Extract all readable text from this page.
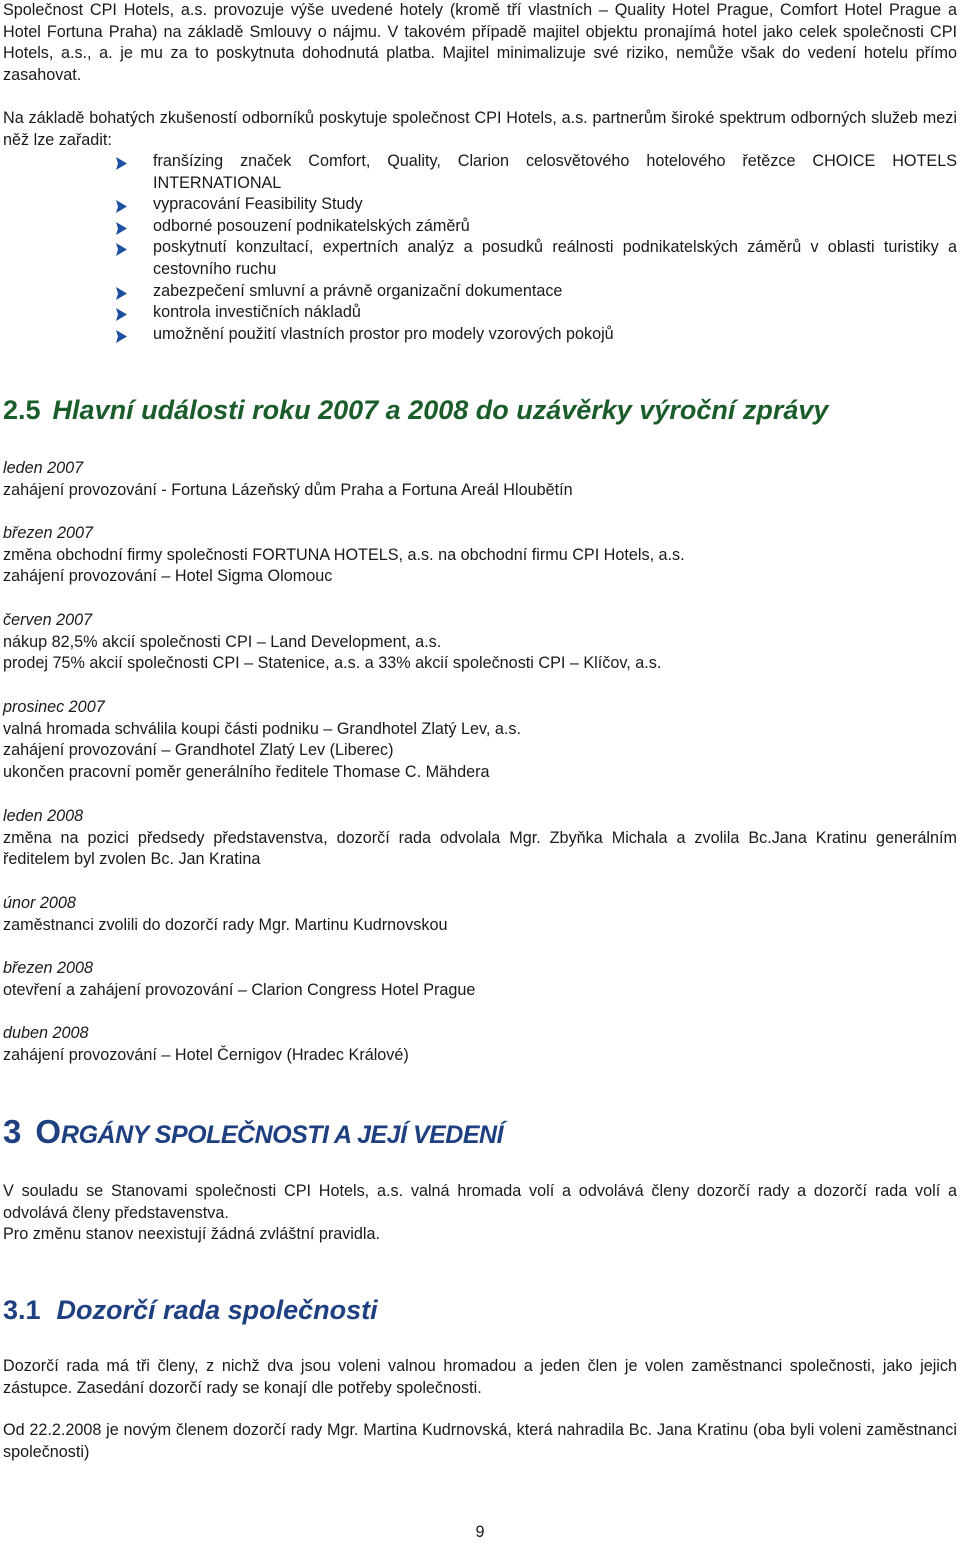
Společnost CPI Hotels, a.s. provozuje výše uvedené hotely (kromě tří vlastních – Quality Hotel Prague, Comfort Hotel Prague a Hotel Fortuna Praha) na základě Smlouvy o nájmu. V takovém případě majitel objektu pronajímá hotel jako celek společnosti CPI Hotels, a.s., a. je mu za to poskytnuta dohodnutá platba. Majitel minimalizuje své riziko, nemůže však do vedení hotelu přímo zasahovat.

Na základě bohatých zkušeností odborníků poskytuje společnost CPI Hotels, a.s. partnerům široké spektrum odborných služeb mezi něž lze zařadit:

franšízing značek Comfort, Quality, Clarion celosvětového hotelového řetězce CHOICE HOTELS INTERNATIONAL
vypracování Feasibility Study
odborné posouzení podnikatelských záměrů
poskytnutí konzultací, expertních analýz a posudků reálnosti podnikatelských záměrů v oblasti turistiky a cestovního ruchu
zabezpečení smluvní a právně organizační dokumentace
kontrola investičních nákladů
umožnění použití vlastních prostor pro modely vzorových pokojů
2.5 Hlavní události roku 2007 a 2008 do uzávěrky výroční zprávy

leden 2007

zahájení provozování - Fortuna Lázeňský dům Praha a Fortuna Areál Hloubětín

březen 2007

změna obchodní firmy společnosti FORTUNA HOTELS, a.s. na obchodní firmu CPI Hotels, a.s.

zahájení provozování – Hotel Sigma Olomouc

červen 2007

nákup 82,5% akcií společnosti CPI – Land Development, a.s.

prodej 75% akcií společnosti CPI – Statenice, a.s. a 33% akcií společnosti CPI – Klíčov, a.s.

prosinec 2007

valná hromada schválila koupi části podniku – Grandhotel Zlatý Lev, a.s.

zahájení provozování – Grandhotel Zlatý Lev (Liberec)

ukončen pracovní poměr generálního ředitele Thomase C. Mähdera

leden 2008

změna na pozici předsedy představenstva, dozorčí rada odvolala Mgr. Zbyňka Michala a zvolila Bc.Jana Kratinu generálním ředitelem byl zvolen Bc. Jan Kratina

únor 2008

zaměstnanci zvolili do dozorčí rady Mgr. Martinu Kudrnovskou

březen 2008

otevření a zahájení provozování – Clarion Congress Hotel Prague

duben 2008

zahájení provozování – Hotel Černigov (Hradec Králové)

3 ORGÁNY SPOLEČNOSTI A JEJÍ VEDENÍ

V souladu se Stanovami společnosti CPI Hotels, a.s. valná hromada volí a odvolává členy dozorčí rady a dozorčí rada volí a odvolává členy představenstva.

Pro změnu stanov neexistují žádná zvláštní pravidla.

3.1 Dozorčí rada společnosti

Dozorčí rada má tři členy, z nichž dva jsou voleni valnou hromadou a jeden člen je volen zaměstnanci společnosti, jako jejich zástupce. Zasedání dozorčí rady se konají dle potřeby společnosti.

Od 22.2.2008 je novým členem dozorčí rady Mgr. Martina Kudrnovská, která nahradila Bc. Jana Kratinu (oba byli voleni zaměstnanci společnosti)

9
